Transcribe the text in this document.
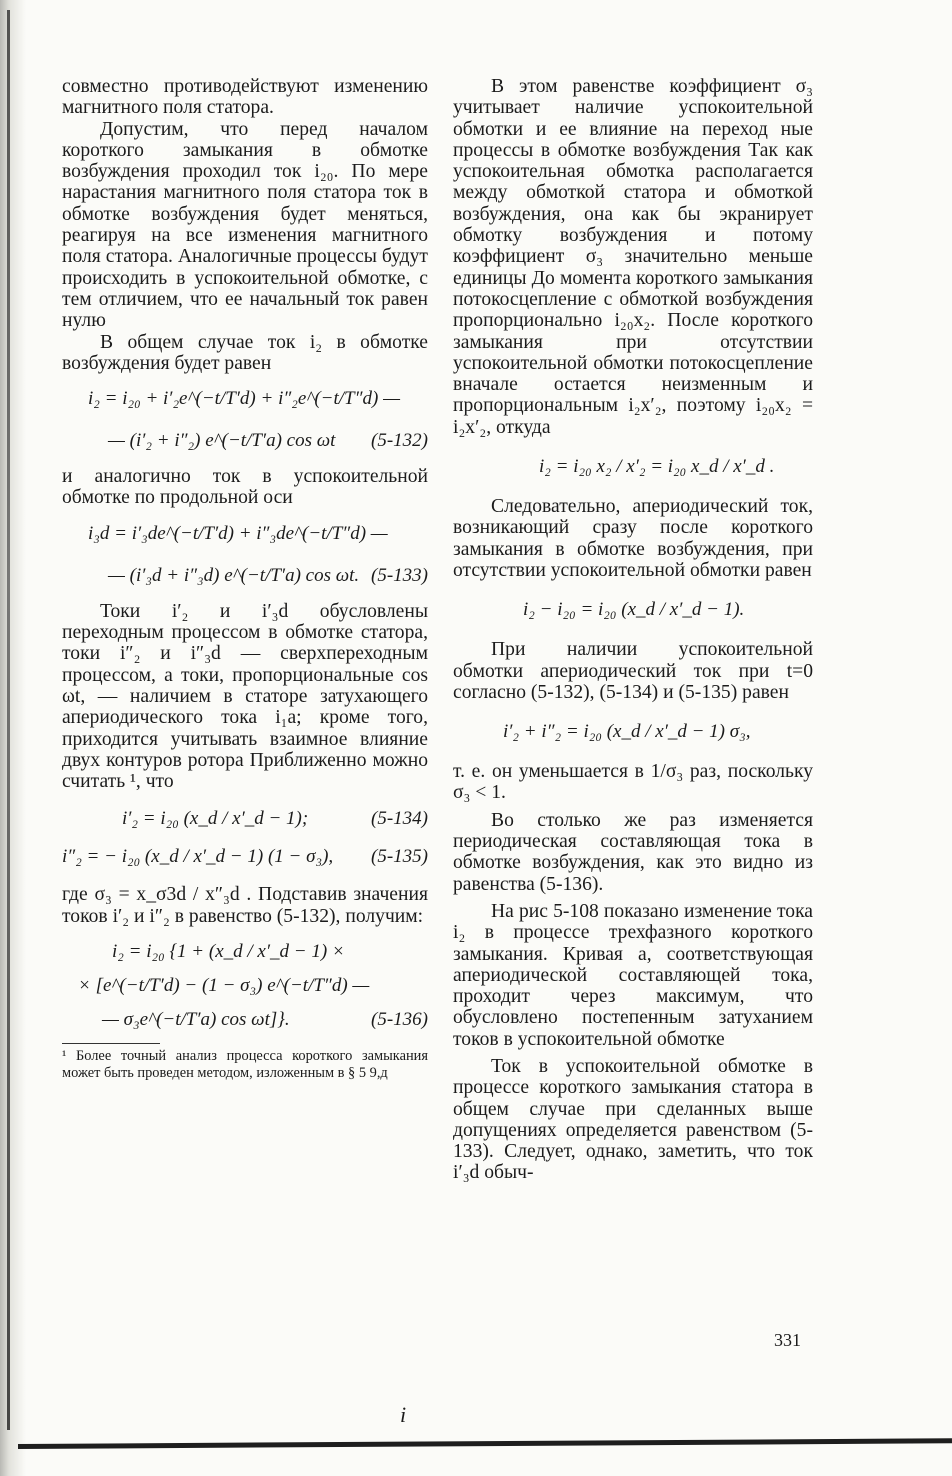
совместно противодействуют изменению магнитного поля статора.

Допустим, что перед началом короткого замыкания в обмотке возбуждения проходил ток i₂₀. По мере нарастания магнитного поля статора ток в обмотке возбуждения будет меняться, реагируя на все изменения магнитного поля статора. Аналогичные процессы будут происходить в успокоительной обмотке, с тем отличием, что ее начальный ток равен нулю

В общем случае ток i₂ в обмотке возбуждения будет равен

i₂ = i₂₀ + i′₂e^(−t/T′d) + i″₂e^(−t/T″d) —

— (i′₂ + i″₂) e^(−t/T′a) cos ωt (5-132)

и аналогично ток в успокоительной обмотке по продольной оси

i₃d = i′₃de^(−t/T′d) + i″₃de^(−t/T″d) —

— (i′₃d + i″₃d) e^(−t/T′a) cos ωt. (5-133)

Токи i′₂ и i′₃d обусловлены переходным процессом в обмотке статора, токи i″₂ и i″₃d — сверхпереходным процессом, а токи, пропорциональные cos ωt, — наличием в статоре затухающего апериодического тока i₁a; кроме того, приходится учитывать взаимное влияние двух контуров ротора Приближенно можно считать ¹, что

i′₂ = i₂₀ (x_d / x′_d − 1);	(5-134)
i″₂ = − i₂₀ (x_d / x′_d − 1) (1 − σ₃), (5-135)

где σ₃ = x_σ3d / x″₃d . Подставив значения токов i′₂ и i″₂ в равенство (5-132), получим:

i₂ = i₂₀ {1 + (x_d / x′_d − 1) ×

× [e^(−t/T′d) − (1 − σ₃) e^(−t/T″d) —

— σ₃e^(−t/T′a) cos ωt]}.	(5-136)

¹ Более точный анализ процесса короткого замыкания может быть проведен методом, изложенным в § 5 9,д

В этом равенстве коэффициент σ₃ учитывает наличие успокоительной обмотки и ее влияние на переход ные процессы в обмотке возбуждения Так как успокоительная обмотка располагается между обмоткой статора и обмоткой возбуждения, она как бы экранирует обмотку возбуждения и потому коэффициент σ₃ значительно меньше единицы До момента короткого замыкания потокосцепление с обмоткой возбуждения пропорционально i₂₀x₂. После короткого замыкания при отсутствии успокоительной обмотки потокосцепление вначале остается неизменным и пропорциональным i₂x′₂, поэтому i₂₀x₂ = i₂x′₂, откуда

i₂ = i₂₀ x₂ / x′₂ = i₂₀ x_d / x′_d .

Следовательно, апериодический ток, возникающий сразу после короткого замыкания в обмотке возбуждения, при отсутствии успокоительной обмотки равен

i₂ − i₂₀ = i₂₀ (x_d / x′_d − 1).

При наличии успокоительной обмотки апериодический ток при t=0 согласно (5-132), (5-134) и (5-135) равен

i′₂ + i″₂ = i₂₀ (x_d / x′_d − 1) σ₃,

т. е. он уменьшается в 1/σ₃ раз, поскольку σ₃ < 1.

Во столько же раз изменяется периодическая составляющая тока в обмотке возбуждения, как это видно из равенства (5-136).

На рис 5-108 показано изменение тока i₂ в процессе трехфазного короткого замыкания. Кривая a, соответствующая апериодической составляющей тока, проходит через максимум, что обусловлено постепенным затуханием токов в успокоительной обмотке

Ток в успокоительной обмотке в процессе короткого замыкания статора в общем случае при сделанных выше допущениях определяется равенством (5-133). Следует, однако, заметить, что ток i′₃d обыч-

331
i
